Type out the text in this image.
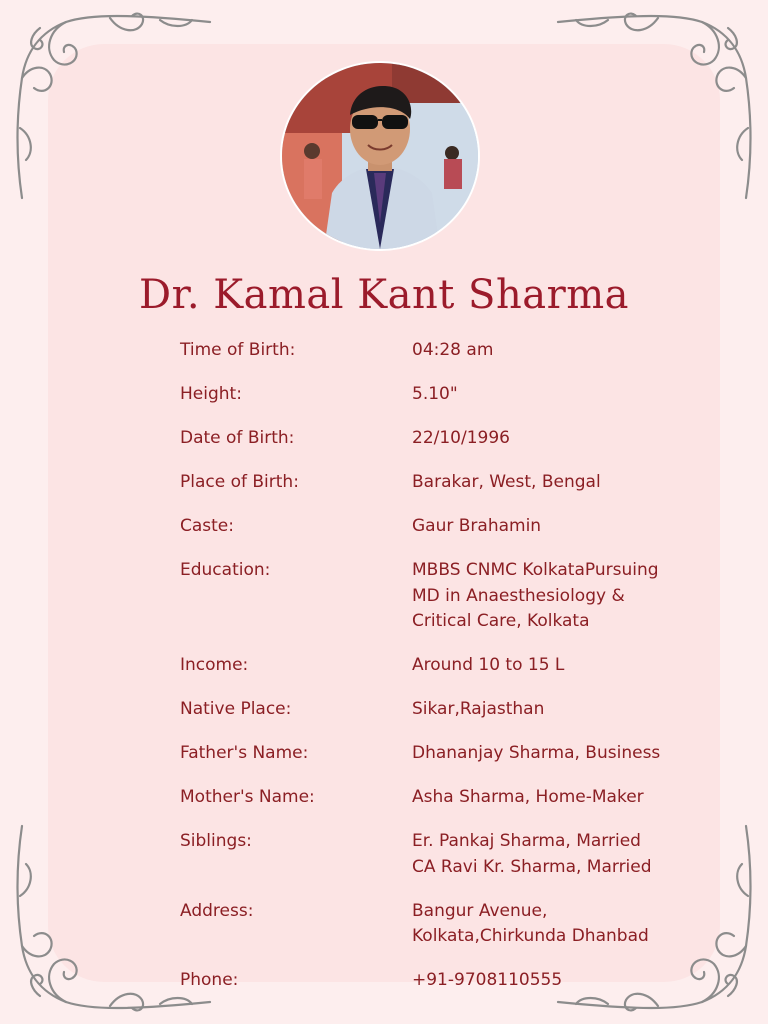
Dr. Kamal Kant Sharma
Time of Birth:	04:28 am
Height:	5.10"
Date of Birth:	22/10/1996
Place of Birth:	Barakar, West, Bengal
Caste:	Gaur Brahamin
Education:	MBBS CNMC KolkataPursuing
MD in Anaesthesiology &
Critical Care, Kolkata
Income:	Around 10 to 15 L
Native Place:	Sikar,Rajasthan
Father's Name:	Dhananjay Sharma, Business
Mother's Name:	Asha Sharma, Home-Maker
Siblings:	Er. Pankaj Sharma, Married
CA Ravi Kr. Sharma, Married
Address:	Bangur Avenue,
Kolkata,Chirkunda Dhanbad
Phone:	+91-9708110555
